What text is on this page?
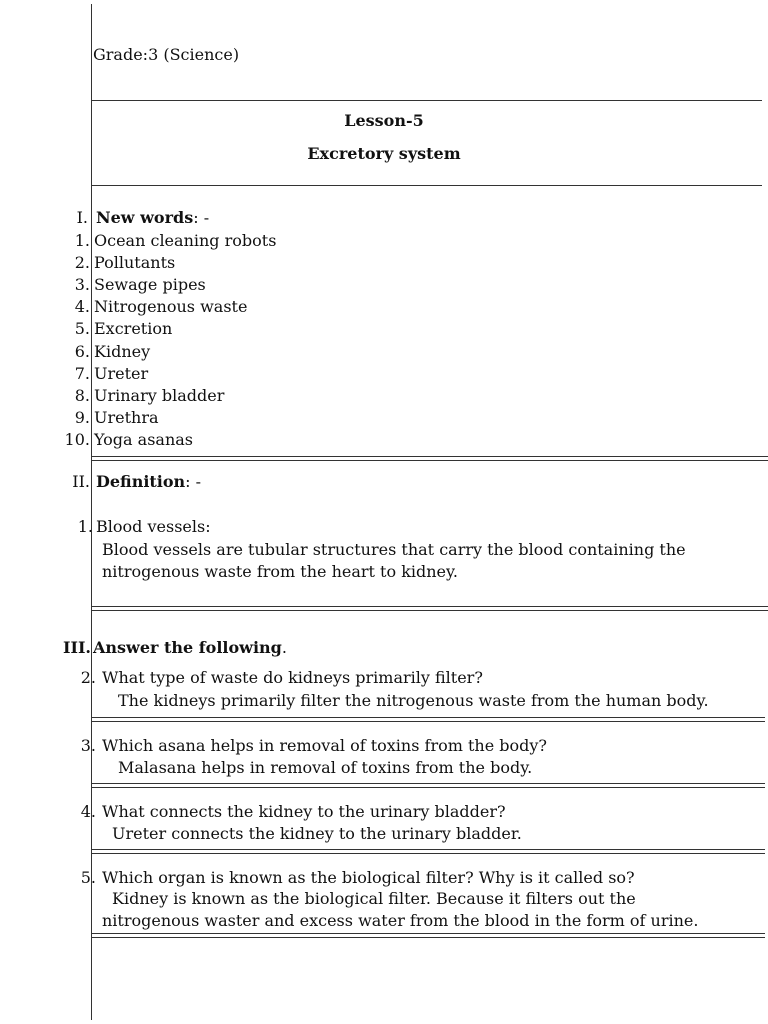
Grade:3 (Science)
Lesson-5
Excretory system
I. New words: -
1. Ocean cleaning robots
2. Pollutants
3. Sewage pipes
4. Nitrogenous waste
5. Excretion
6. Kidney
7. Ureter
8. Urinary bladder
9. Urethra
10. Yoga asanas
II. Definition: -
1. Blood vessels:
Blood vessels are tubular structures that carry the blood containing the
nitrogenous waste from the heart to kidney.
III. Answer the following.
2. What type of waste do kidneys primarily filter?
The kidneys primarily filter the nitrogenous waste from the human body.
3. Which asana helps in removal of toxins from the body?
Malasana helps in removal of toxins from the body.
4. What connects the kidney to the urinary bladder?
Ureter connects the kidney to the urinary bladder.
5. Which organ is known as the biological filter? Why is it called so?
Kidney is known as the biological filter. Because it filters out the
nitrogenous waster and excess water from the blood in the form of urine.
